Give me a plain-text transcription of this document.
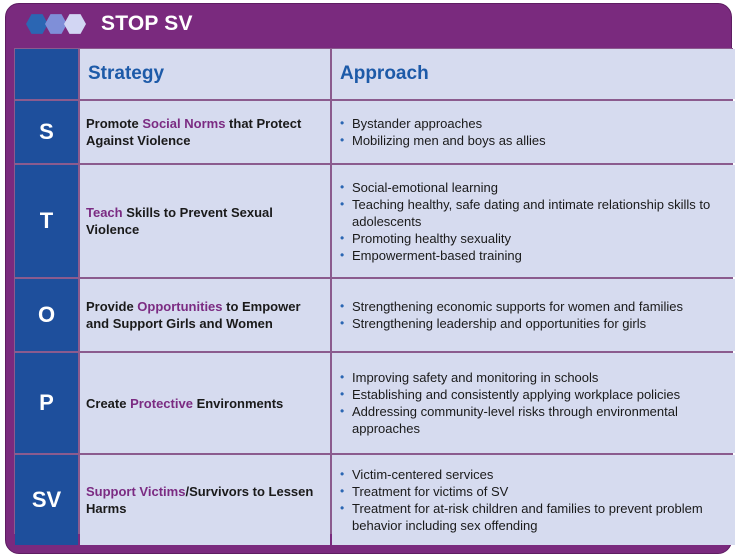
STOP SV
Strategy	Approach
S	Promote Social Norms that Protect Against Violence
• Bystander approaches
• Mobilizing men and boys as allies
T	Teach Skills to Prevent Sexual Violence
• Social-emotional learning
• Teaching healthy, safe dating and intimate relationship skills to adolescents
• Promoting healthy sexuality
• Empowerment-based training
O	Provide Opportunities to Empower and Support Girls and Women
• Strengthening economic supports for women and families
• Strengthening leadership and opportunities for girls
P	Create Protective Environments
• Improving safety and monitoring in schools
• Establishing and consistently applying workplace policies
• Addressing community-level risks through environmental approaches
SV	Support Victims/Survivors to Lessen Harms
• Victim-centered services
• Treatment for victims of SV
• Treatment for at-risk children and families to prevent problem behavior including sex offending
